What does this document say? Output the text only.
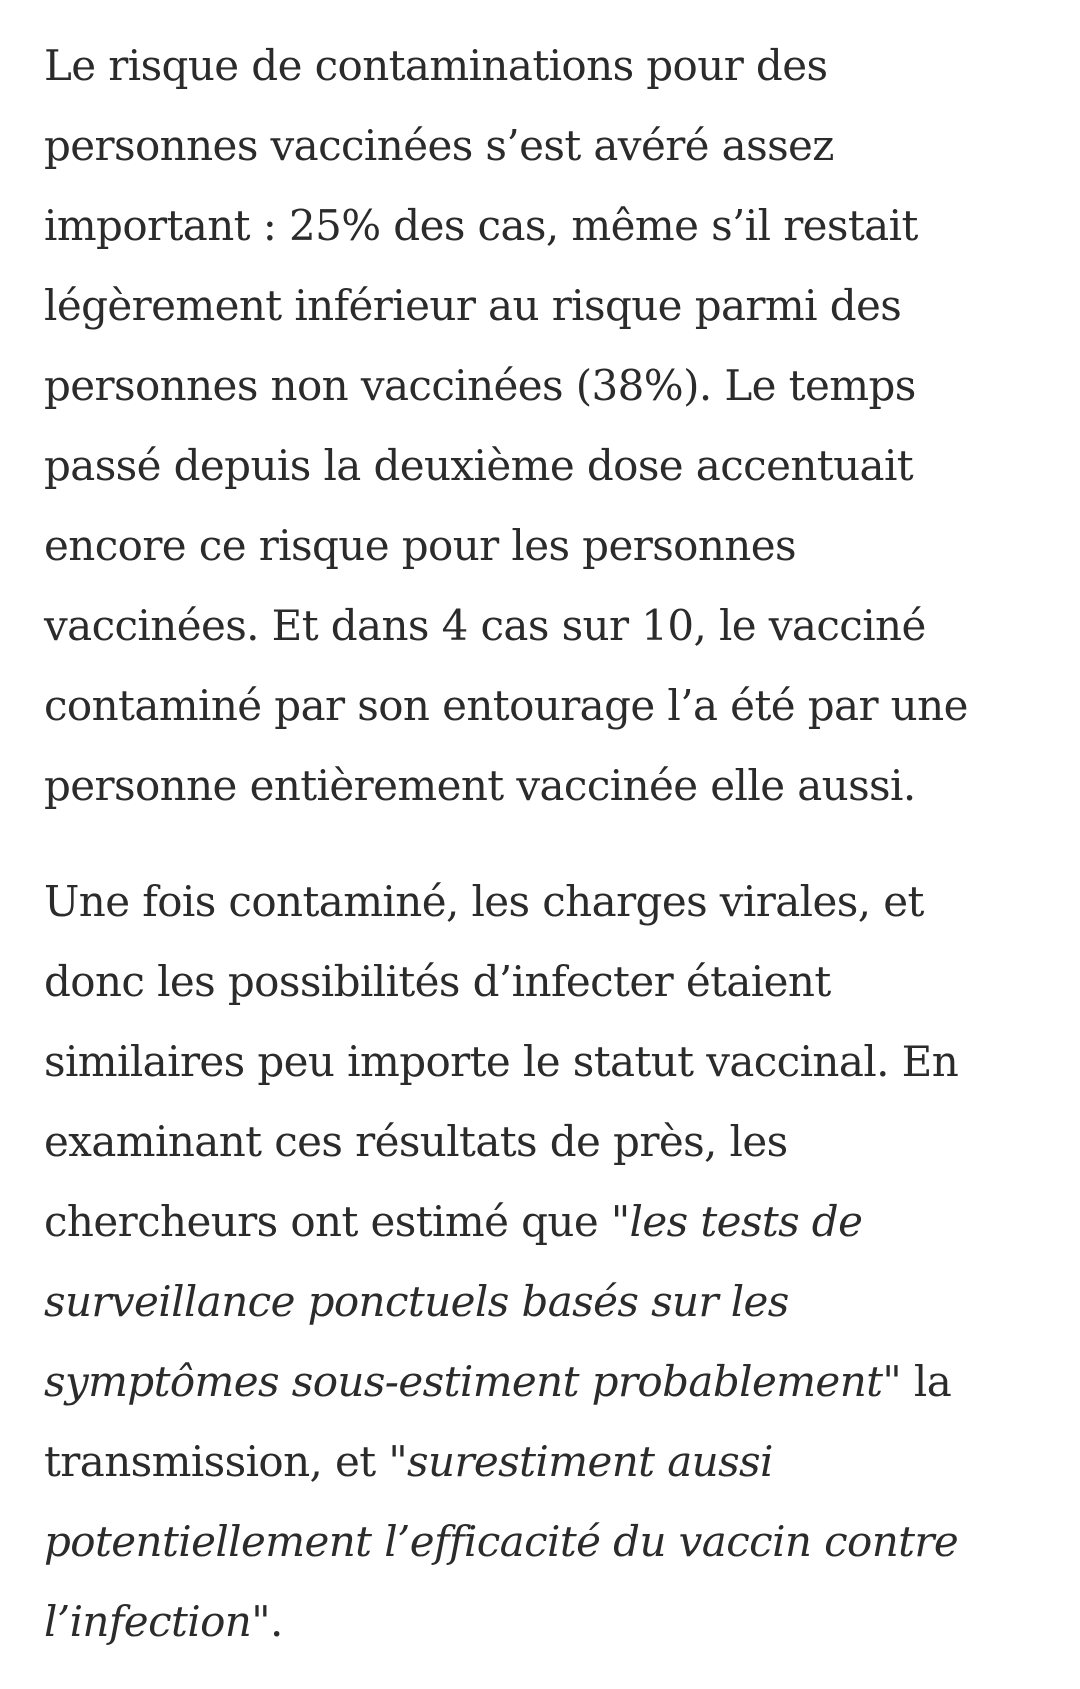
Le risque de contaminations pour des
personnes vaccinées s’est avéré assez
important : 25% des cas, même s’il restait
légèrement inférieur au risque parmi des
personnes non vaccinées (38%). Le temps
passé depuis la deuxième dose accentuait
encore ce risque pour les personnes
vaccinées. Et dans 4 cas sur 10, le vacciné
contaminé par son entourage l’a été par une
personne entièrement vaccinée elle aussi.

Une fois contaminé, les charges virales, et
donc les possibilités d’infecter étaient
similaires peu importe le statut vaccinal. En
examinant ces résultats de près, les
chercheurs ont estimé que "les tests de
surveillance ponctuels basés sur les
symptômes sous-estiment probablement" la
transmission, et "surestiment aussi
potentiellement l’efficacité du vaccin contre
l’infection".
